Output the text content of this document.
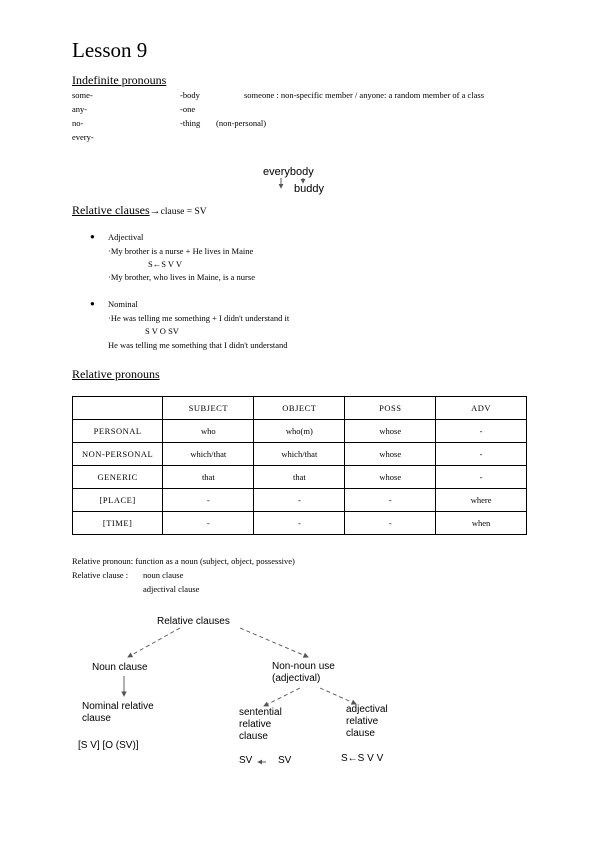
Lesson 9
Indefinite pronouns
some-
any-
no-
every-
-body
-one
-thing (non-personal)
someone : non-specific member / anyone: a random member of a class
everybody
buddy
Relative clauses→clause = SV
● Adjectival
·My brother is a nurse + He lives in Maine
S←S V V
·My brother, who lives in Maine, is a nurse
● Nominal
·He was telling me something + I didn't understand it
S V O SV
He was telling me something that I didn't understand
Relative pronouns
	SUBJECT	OBJECT	POSS	ADV
PERSONAL	who	who(m)	whose	-
NON-PERSONAL	which/that	which/that	whose	-
GENERIC	that	that	whose	-
[PLACE]	-	-	-	where
[TIME]	-	-	-	when
Relative pronoun: function as a noun (subject, object, possessive)
Relative clause : noun clause
adjectival clause
Relative clauses
Noun clause	Non-noun use
(adjectival)
Nominal relative
clause
sentential
relative
clause
adjectival
relative
clause
[S V] [O (SV)]
SV	SV	S←S V V
